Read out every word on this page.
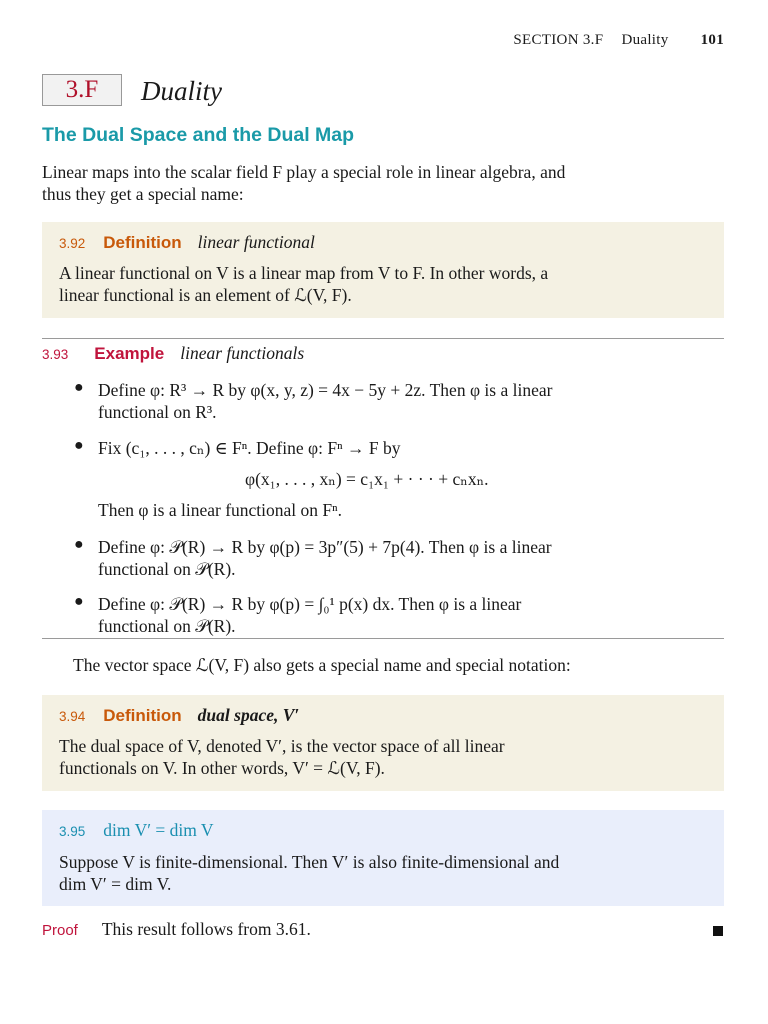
SECTION 3.F Duality 101
3.F	Duality
The Dual Space and the Dual Map
Linear maps into the scalar field F play a special role in linear algebra, and
thus they get a special name:
3.92 Definition linear functional
A linear functional on V is a linear map from V to F. In other words, a
linear functional is an element of ℒ(V, F).
3.93 Example linear functionals
● Define φ: R³ → R by φ(x, y, z) = 4x − 5y + 2z. Then φ is a linear
functional on R³.
● Fix (c₁, . . . , cₙ) ∈ Fⁿ. Define φ: Fⁿ → F by
φ(x₁, . . . , xₙ) = c₁x₁ + · · · + cₙxₙ.
Then φ is a linear functional on Fⁿ.
● Define φ: 𝒫(R) → R by φ(p) = 3p″(5) + 7p(4). Then φ is a linear
functional on 𝒫(R).
● Define φ: 𝒫(R) → R by φ(p) = ∫₀¹ p(x) dx. Then φ is a linear
functional on 𝒫(R).
The vector space ℒ(V, F) also gets a special name and special notation:
3.94 Definition dual space, V′
The dual space of V, denoted V′, is the vector space of all linear
functionals on V. In other words, V′ = ℒ(V, F).
3.95 dim V′ = dim V
Suppose V is finite-dimensional. Then V′ is also finite-dimensional and
dim V′ = dim V.
Proof This result follows from 3.61.
